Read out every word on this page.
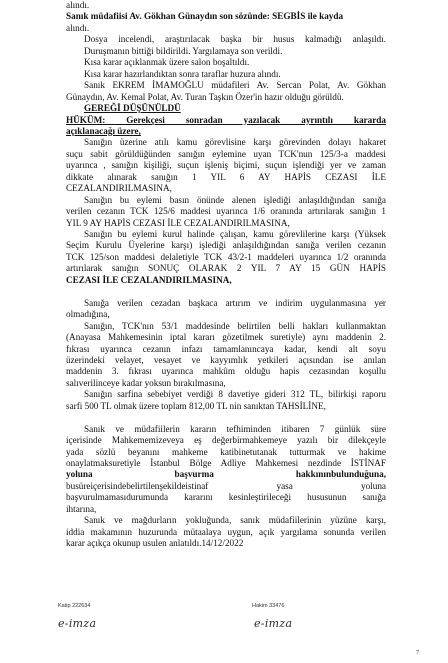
alındı.
Sanık müdafiisi Av. Gökhan Günaydın son sözünde: SEGBİS ile kayda
alındı.
Dosya incelendi, araştırılacak başka bir husus kalmadığı anlaşıldı.
Duruşmanın bittiği bildirildi. Yargılamaya son verildi.
Kısa karar açıklanmak üzere salon boşaltıldı.
Kısa karar hazırlandıktan sonra taraflar huzura alındı.
Sanık EKREM İMAMOĞLU müdafileri Av. Sercan Polat, Av. Gökhan
Günaydın, Av. Kemal Polat, Av. Turan Taşkın Özer'in hazır olduğu görüldü.
GEREĞİ DÜŞÜNÜLDÜ
HÜKÜM: Gerekçesi sonradan yazılacak ayrıntılı kararda
açıklanacağı üzere,
Sanığın üzerine atılı kamu görevlisine karşı görevinden dolayı hakaret
suçu sabit görüldüğünden sanığın eylemine uyan TCK'nun 125/3-a maddesi
uyarınca , sanığın kişiliği, suçun işleniş biçimi, suçun işlendiği yer ve zaman
dikkate alınarak sanığın 1 YIL 6 AY HAPİS CEZASI İLE
CEZALANDIRILMASINA,
Sanığın bu eylemi basın önünde alenen işlediği anlaşıldığından sanığa
verilen cezanın TCK 125/6 maddesi uyarınca 1/6 oranında artırılarak sanığın 1
YIL 9 AY HAPİS CEZASI İLE CEZALANDIRILMASINA,
Sanığın bu eylemi kurul halinde çalışan, kamu görevlilerine karşı (Yüksek
Seçim Kurulu Üyelerine karşı) işlediği anlaşıldığından sanığa verilen cezanın
TCK 125/son maddesi delaletiyle TCK 43/2-1 maddeleri uyarınca 1/2 oranında
artırılarak sanığın SONUÇ OLARAK 2 YIL 7 AY 15 GÜN HAPİS
CEZASI İLE CEZALANDIRILMASINA,
Sanığa verilen cezadan başkaca artırım ve indirim uygulanmasına yer
olmadığına,
Sanığın, TCK'nın 53/1 maddesinde belirtilen belli hakları kullanmaktan
(Anayasa Mahkemesinin iptal kararı gözetilmek suretiyle) aynı maddenin 2.
fıkrası uyarınca cezanın infazı tamamlanıncaya kadar, kendi alt soyu
üzerindeki velayet, vesayet ve kayyımlık yetkileri açısından ise anılan
maddenin 3. fıkrası uyarınca mahkûm olduğu hapis cezasından koşullu
salıverilinceye kadar yoksun bırakılmasına,
Sanığın sarfina sebebiyet verdiği 8 davetiye gideri 312 TL, bilirkişi raporu
sarfi 500 TL olmak üzere toplam 812,00 TL nin sanıktan TAHSİLİNE,
Sanık ve müdafiilerin kararın tefhiminden itibaren 7 günlük süre
içerisinde Mahkememizeveya eş değerbirmahkemeye yazılı bir dilekçeyle
yada sözlü beyanını mahkeme katibinetutanak tutturmak ve hakime
onaylatmaksuretiyle İstanbul Bölge Adliye Mahkemesi nezdinde İSTİNAF
yoluna başvurma hakkınınbulunduğuna,
busüreiçerisindebelirtilenşekildeistinaf yasa yoluna
başvurulmamasıdurumunda kararını kesinleştirileceği hususunun sanığa
ihtarına,
Sanık ve mağdurların yokluğunda, sanık müdafiilerinin yüzüne karşı,
iddia makamının huzurunda mütaalaya uygun, açık yargılama sonunda verilen
karar açıkça okunup usulen anlatıldı.14/12/2022
Katip 222634	Hakim 33476
e-imza	e-imza
7
